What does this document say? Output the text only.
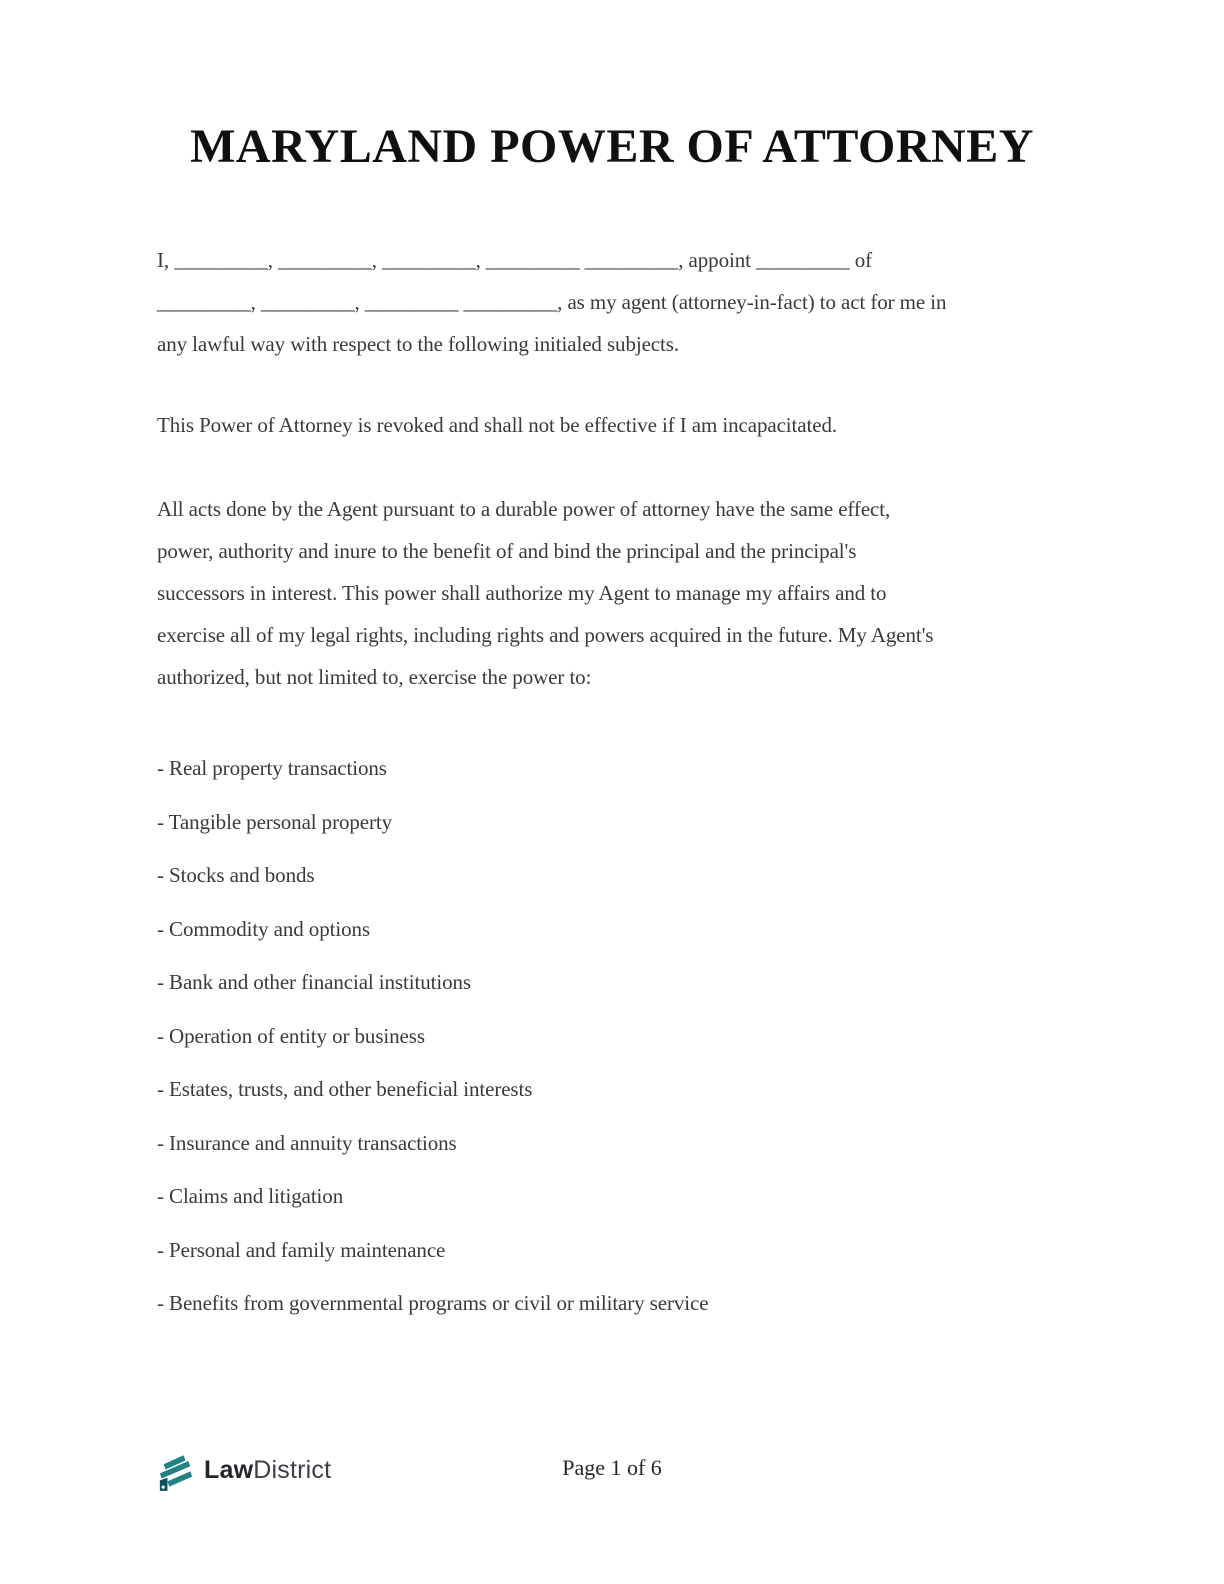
MARYLAND POWER OF ATTORNEY
I, _________, _________, _________, _________ _________, appoint _________ of
_________, _________, _________ _________, as my agent (attorney-in-fact) to act for me in
any lawful way with respect to the following initialed subjects.
This Power of Attorney is revoked and shall not be effective if I am incapacitated.
All acts done by the Agent pursuant to a durable power of attorney have the same effect,
power, authority and inure to the benefit of and bind the principal and the principal's
successors in interest. This power shall authorize my Agent to manage my affairs and to
exercise all of my legal rights, including rights and powers acquired in the future. My Agent's
authorized, but not limited to, exercise the power to:
- Real property transactions
- Tangible personal property
- Stocks and bonds
- Commodity and options
- Bank and other financial institutions
- Operation of entity or business
- Estates, trusts, and other beneficial interests
- Insurance and annuity transactions
- Claims and litigation
- Personal and family maintenance
- Benefits from governmental programs or civil or military service
Law District	Page 1 of 6
